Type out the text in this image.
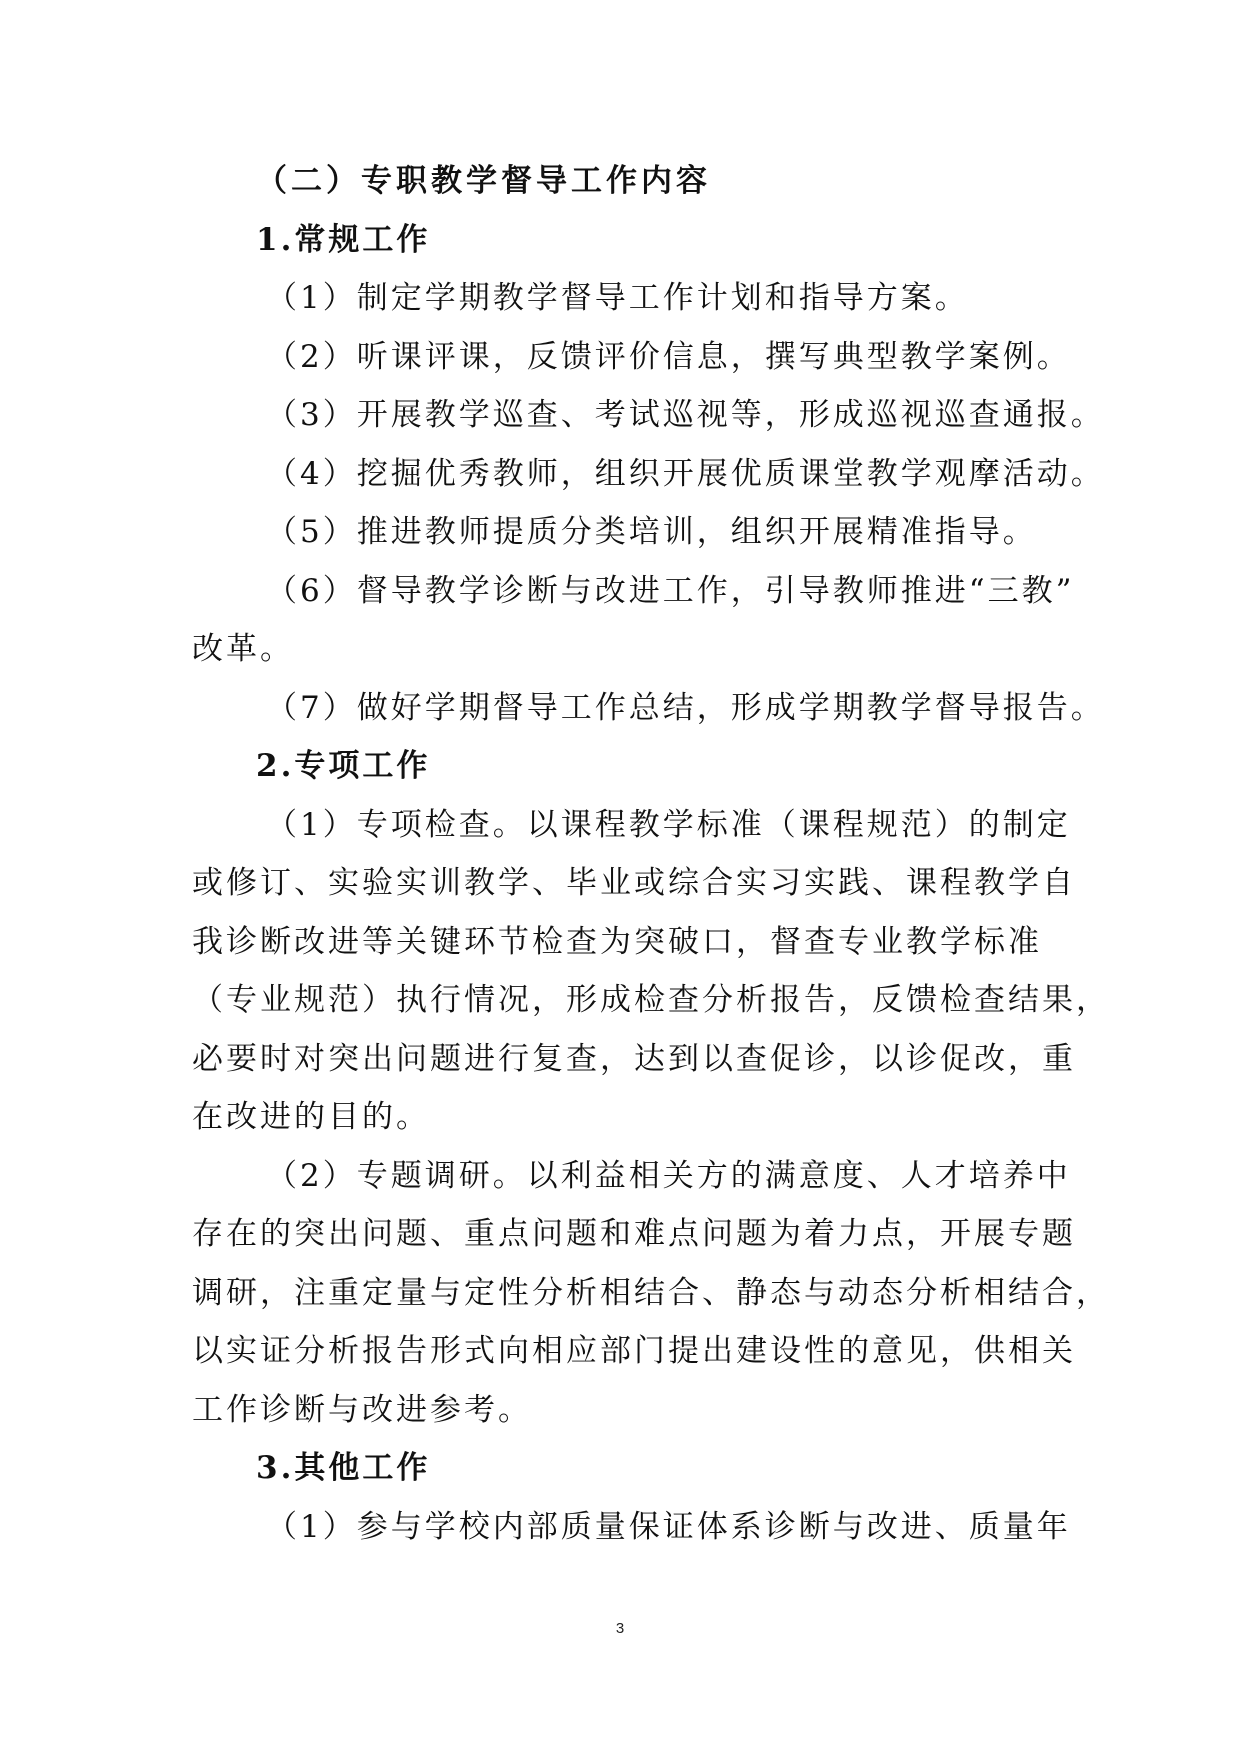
（二）专职教学督导工作内容
1.常规工作
（1）制定学期教学督导工作计划和指导方案。
（2）听课评课，反馈评价信息，撰写典型教学案例。
（3）开展教学巡查、考试巡视等，形成巡视巡查通报。
（4）挖掘优秀教师，组织开展优质课堂教学观摩活动。
（5）推进教师提质分类培训，组织开展精准指导。
（6）督导教学诊断与改进工作，引导教师推进“三教”
改革。
（7）做好学期督导工作总结，形成学期教学督导报告。
2.专项工作
（1）专项检查。以课程教学标准（课程规范）的制定
或修订、实验实训教学、毕业或综合实习实践、课程教学自
我诊断改进等关键环节检查为突破口，督查专业教学标准
（专业规范）执行情况，形成检查分析报告，反馈检查结果，
必要时对突出问题进行复查，达到以查促诊，以诊促改，重
在改进的目的。
（2）专题调研。以利益相关方的满意度、人才培养中
存在的突出问题、重点问题和难点问题为着力点，开展专题
调研，注重定量与定性分析相结合、静态与动态分析相结合，
以实证分析报告形式向相应部门提出建设性的意见，供相关
工作诊断与改进参考。
3.其他工作
（1）参与学校内部质量保证体系诊断与改进、质量年
3
